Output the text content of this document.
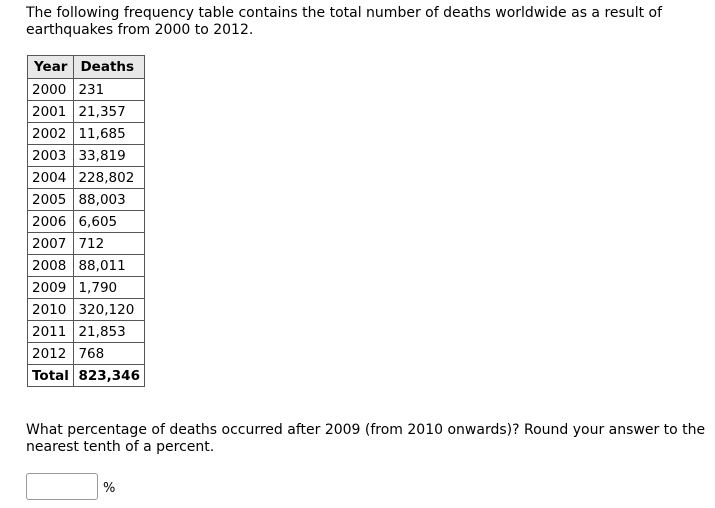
The following frequency table contains the total number of deaths worldwide as a result of earthquakes from 2000 to 2012.
Year	Deaths
2000	231
2001	21,357
2002	11,685
2003	33,819
2004	228,802
2005	88,003
2006	6,605
2007	712
2008	88,011
2009	1,790
2010	320,120
2011	21,853
2012	768
Total	823,346
What percentage of deaths occurred after 2009 (from 2010 onwards)? Round your answer to the nearest tenth of a percent.
%
